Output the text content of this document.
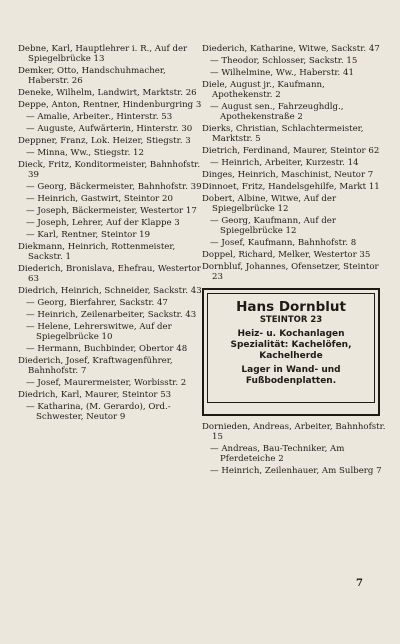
Debne, Karl, Hauptlehrer i. R., Auf der Spiegelbrücke 13

Demker, Otto, Handschuhmacher, Haberstr. 26

Deneke, Wilhelm, Landwirt, Marktstr. 26

Deppe, Anton, Rentner, Hindenburgring 3

— Amalie, Arbeiter., Hinterstr. 53

— Auguste, Aufwärterin, Hinterstr. 30

Deppner, Franz, Lok. Heizer, Stiegstr. 3

— Minna, Ww., Stiegstr. 12

Dieck, Fritz, Konditormeister, Bahnhofstr. 39

— Georg, Bäckermeister, Bahnhofstr. 39

— Heinrich, Gastwirt, Steintor 20

— Joseph, Bäckermeister, Westertor 17

— Joseph, Lehrer, Auf der Klappe 3

— Karl, Rentner, Steintor 19

Diekmann, Heinrich, Rottenmeister, Sackstr. 1

Diederich, Bronislava, Ehefrau, Westertor 63

Diedrich, Heinrich, Schneider, Sackstr. 43

— Georg, Bierfahrer, Sackstr. 47

— Heinrich, Zeilenarbeiter, Sackstr. 43

— Helene, Lehrerswitwe, Auf der Spiegelbrücke 10

— Hermann, Buchbinder, Obertor 48

Diederich, Josef, Kraftwagenführer, Bahnhofstr. 7

— Josef, Maurermeister, Worbisstr. 2

Diedrich, Karl, Maurer, Steintor 53

— Katharina, (M. Gerardo), Ord.-Schwester, Neutor 9

Diederich, Katharine, Witwe, Sackstr. 47

— Theodor, Schlosser, Sackstr. 15

— Wilhelmine, Ww., Haberstr. 41

Diele, August jr., Kaufmann, Apothekenstr. 2

— August sen., Fahrzeughdlg., Apothekenstraße 2

Dierks, Christian, Schlachtermeister, Marktstr. 5

Dietrich, Ferdinand, Maurer, Steintor 62

— Heinrich, Arbeiter, Kurzestr. 14

Dinges, Heinrich, Maschinist, Neutor 7

Dinnoet, Fritz, Handelsgehilfe, Markt 11

Dobert, Albine, Witwe, Auf der Spiegelbrücke 12

— Georg, Kaufmann, Auf der Spiegelbrücke 12

— Josef, Kaufmann, Bahnhofstr. 8

Doppel, Richard, Melker, Westertor 35

Dornbluf, Johannes, Ofensetzer, Steintor 23

Hans Dornblut
STEINTOR 23
Heiz- u. Kochanlagen
Spezialität: Kachelöfen, Kachelherde
Lager in Wand- und
Fußbodenplatten.

Dornieden, Andreas, Arbeiter, Bahnhofstr. 15

— Andreas, Bau-Techniker, Am Pferdeteiche 2

— Heinrich, Zeilenhauer, Am Sulberg 7

7
